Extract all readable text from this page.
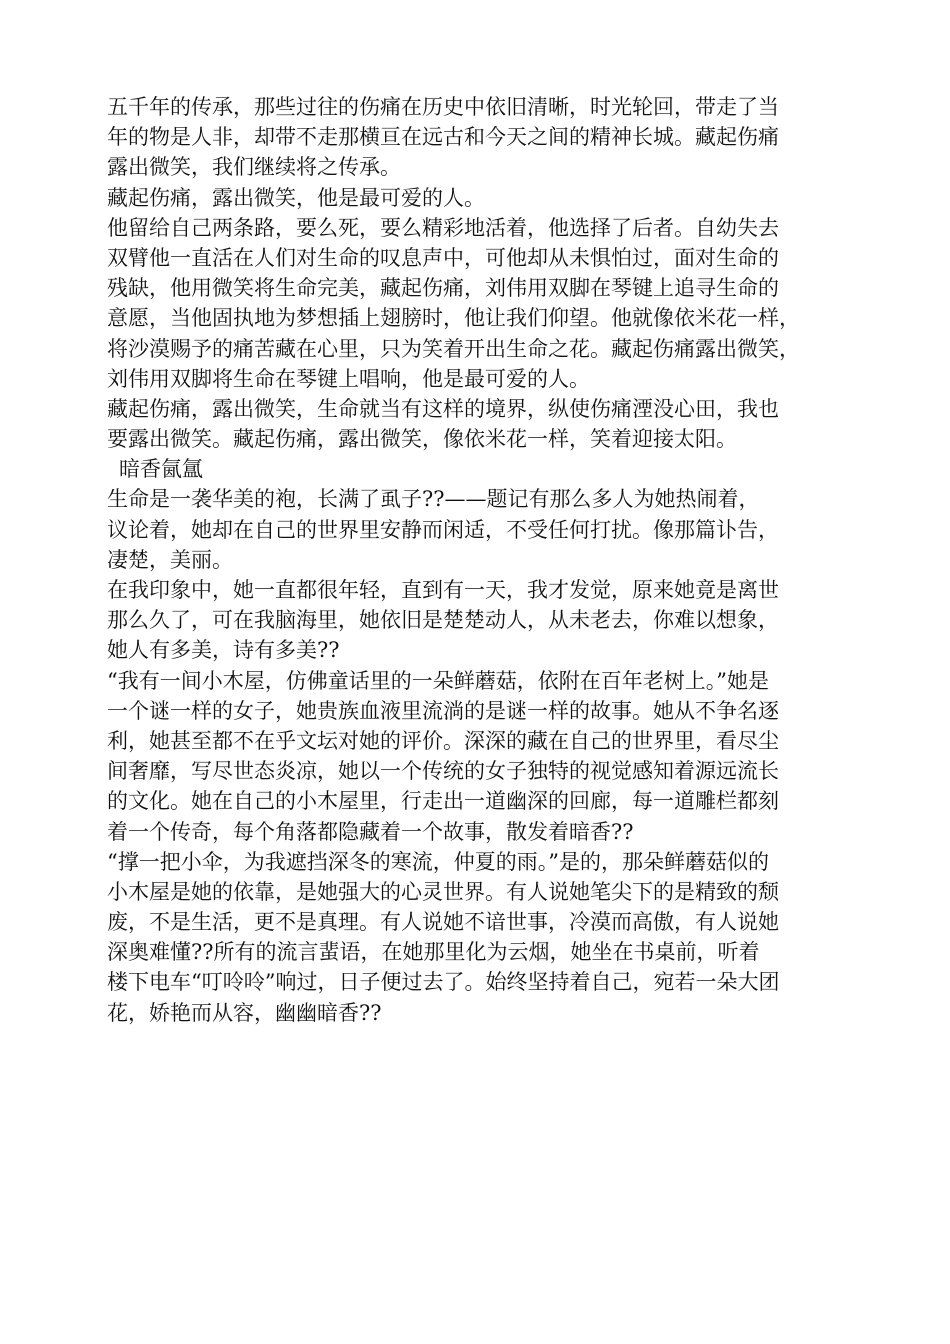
五千年的传承，那些过往的伤痛在历史中依旧清晰，时光轮回，带走了当
年的物是人非，却带不走那横亘在远古和今天之间的精神长城。藏起伤痛
露出微笑，我们继续将之传承。
藏起伤痛，露出微笑，他是最可爱的人。
他留给自己两条路，要么死，要么精彩地活着，他选择了后者。自幼失去
双臂他一直活在人们对生命的叹息声中，可他却从未惧怕过，面对生命的
残缺，他用微笑将生命完美，藏起伤痛，刘伟用双脚在琴键上追寻生命的
意愿，当他固执地为梦想插上翅膀时，他让我们仰望。他就像依米花一样，
将沙漠赐予的痛苦藏在心里，只为笑着开出生命之花。藏起伤痛露出微笑，
刘伟用双脚将生命在琴键上唱响，他是最可爱的人。
藏起伤痛，露出微笑，生命就当有这样的境界，纵使伤痛湮没心田，我也
要露出微笑。藏起伤痛，露出微笑，像依米花一样，笑着迎接太阳。
暗香氤氲
生命是一袭华美的袍，长满了虱子??——题记有那么多人为她热闹着，
议论着，她却在自己的世界里安静而闲适，不受任何打扰。像那篇讣告，
凄楚，美丽。
在我印象中，她一直都很年轻，直到有一天，我才发觉，原来她竟是离世
那么久了，可在我脑海里，她依旧是楚楚动人，从未老去，你难以想象，
她人有多美，诗有多美??
“我有一间小木屋，仿佛童话里的一朵鲜蘑菇，依附在百年老树上。”她是
一个谜一样的女子，她贵族血液里流淌的是谜一样的故事。她从不争名逐
利，她甚至都不在乎文坛对她的评价。深深的藏在自己的世界里，看尽尘
间奢靡，写尽世态炎凉，她以一个传统的女子独特的视觉感知着源远流长
的文化。她在自己的小木屋里，行走出一道幽深的回廊，每一道雕栏都刻
着一个传奇，每个角落都隐藏着一个故事，散发着暗香??
“撑一把小伞，为我遮挡深冬的寒流，仲夏的雨。”是的，那朵鲜蘑菇似的
小木屋是她的依靠，是她强大的心灵世界。有人说她笔尖下的是精致的颓
废，不是生活，更不是真理。有人说她不谙世事，冷漠而高傲，有人说她
深奥难懂??所有的流言蜚语，在她那里化为云烟，她坐在书桌前，听着
楼下电车“叮呤呤”响过，日子便过去了。始终坚持着自己，宛若一朵大团
花，娇艳而从容，幽幽暗香??
